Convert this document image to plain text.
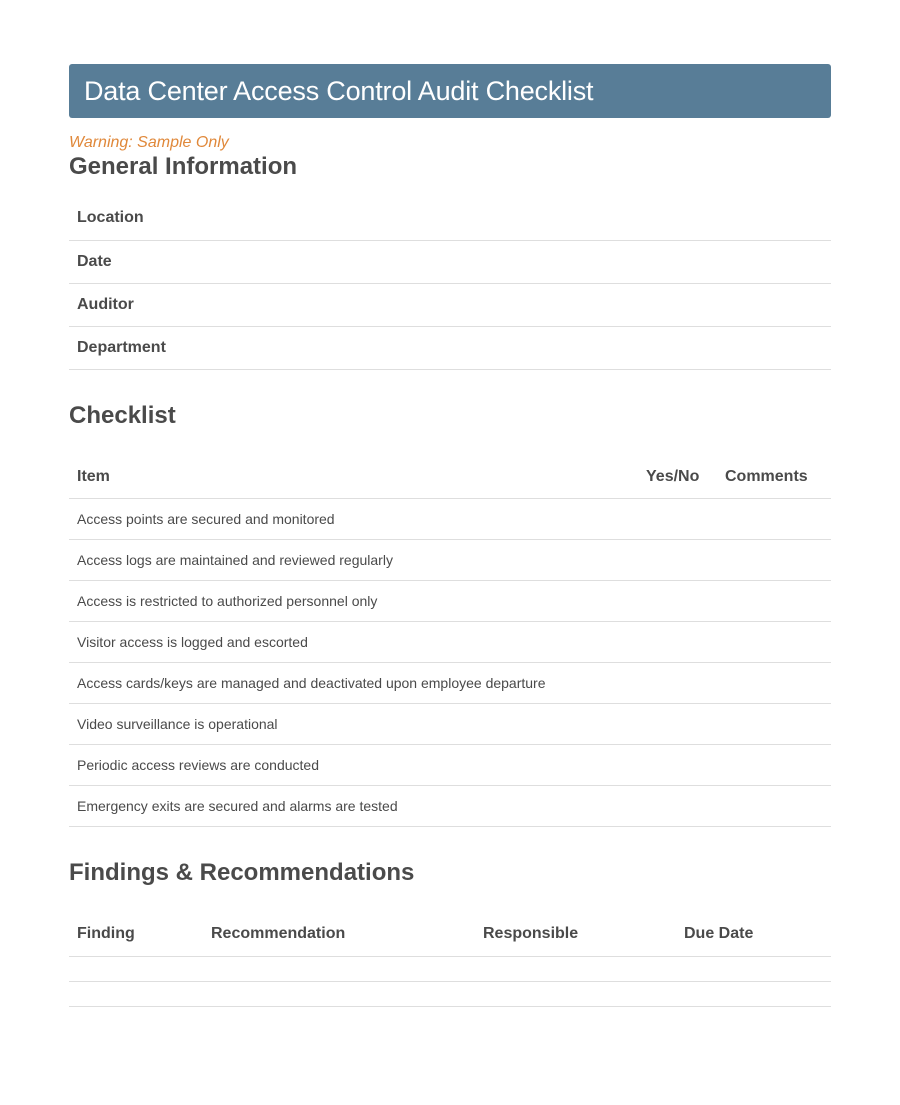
Data Center Access Control Audit Checklist
Warning: Sample Only
General Information
Location	
Date	
Auditor	
Department	
Checklist
Item	Yes/No	Comments
Access points are secured and monitored		
Access logs are maintained and reviewed regularly		
Access is restricted to authorized personnel only		
Visitor access is logged and escorted		
Access cards/keys are managed and deactivated upon employee departure		
Video surveillance is operational		
Periodic access reviews are conducted		
Emergency exits are secured and alarms are tested		
Findings & Recommendations
Finding	Recommendation	Responsible	Due Date
